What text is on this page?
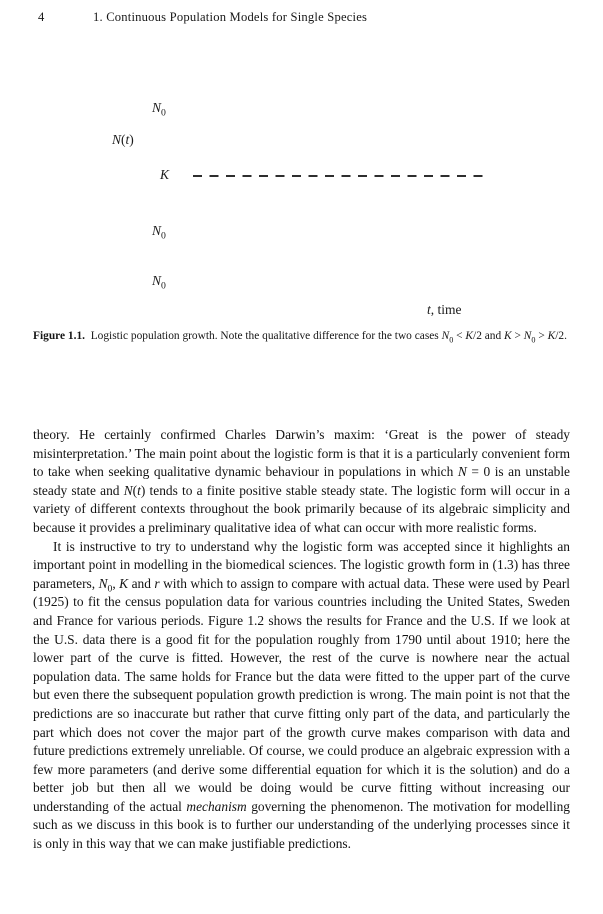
4	1. Continuous Population Models for Single Species
$N_0$
N(t)
K
$N_0$
$N_0$
t, time
Figure 1.1. Logistic population growth. Note the qualitative difference for the two cases $N_0 < K/2$ and $K > N_0 > K/2$.

theory. He certainly confirmed Charles Darwin’s maxim: ‘Great is the power of steady misinterpretation.’ The main point about the logistic form is that it is a particularly convenient form to take when seeking qualitative dynamic behaviour in populations in which N = 0 is an unstable steady state and N(t) tends to a finite positive stable steady state. The logistic form will occur in a variety of different contexts throughout the book primarily because of its algebraic simplicity and because it provides a preliminary qualitative idea of what can occur with more realistic forms.

It is instructive to try to understand why the logistic form was accepted since it highlights an important point in modelling in the biomedical sciences. The logistic growth form in (1.3) has three parameters, $N_0$, K and r with which to assign to compare with actual data. These were used by Pearl (1925) to fit the census population data for various countries including the United States, Sweden and France for various periods. Figure 1.2 shows the results for France and the U.S. If we look at the U.S. data there is a good fit for the population roughly from 1790 until about 1910; here the lower part of the curve is fitted. However, the rest of the curve is nowhere near the actual population data. The same holds for France but the data were fitted to the upper part of the curve but even there the subsequent population growth prediction is wrong. The main point is not that the predictions are so inaccurate but rather that curve fitting only part of the data, and particularly the part which does not cover the major part of the growth curve makes comparison with data and future predictions extremely unreliable. Of course, we could produce an algebraic expression with a few more parameters (and derive some differential equation for which it is the solution) and do a better job but then all we would be doing would be curve fitting without increasing our understanding of the actual mechanism governing the phenomenon. The motivation for modelling such as we discuss in this book is to further our understanding of the underlying processes since it is only in this way that we can make justifiable predictions.
